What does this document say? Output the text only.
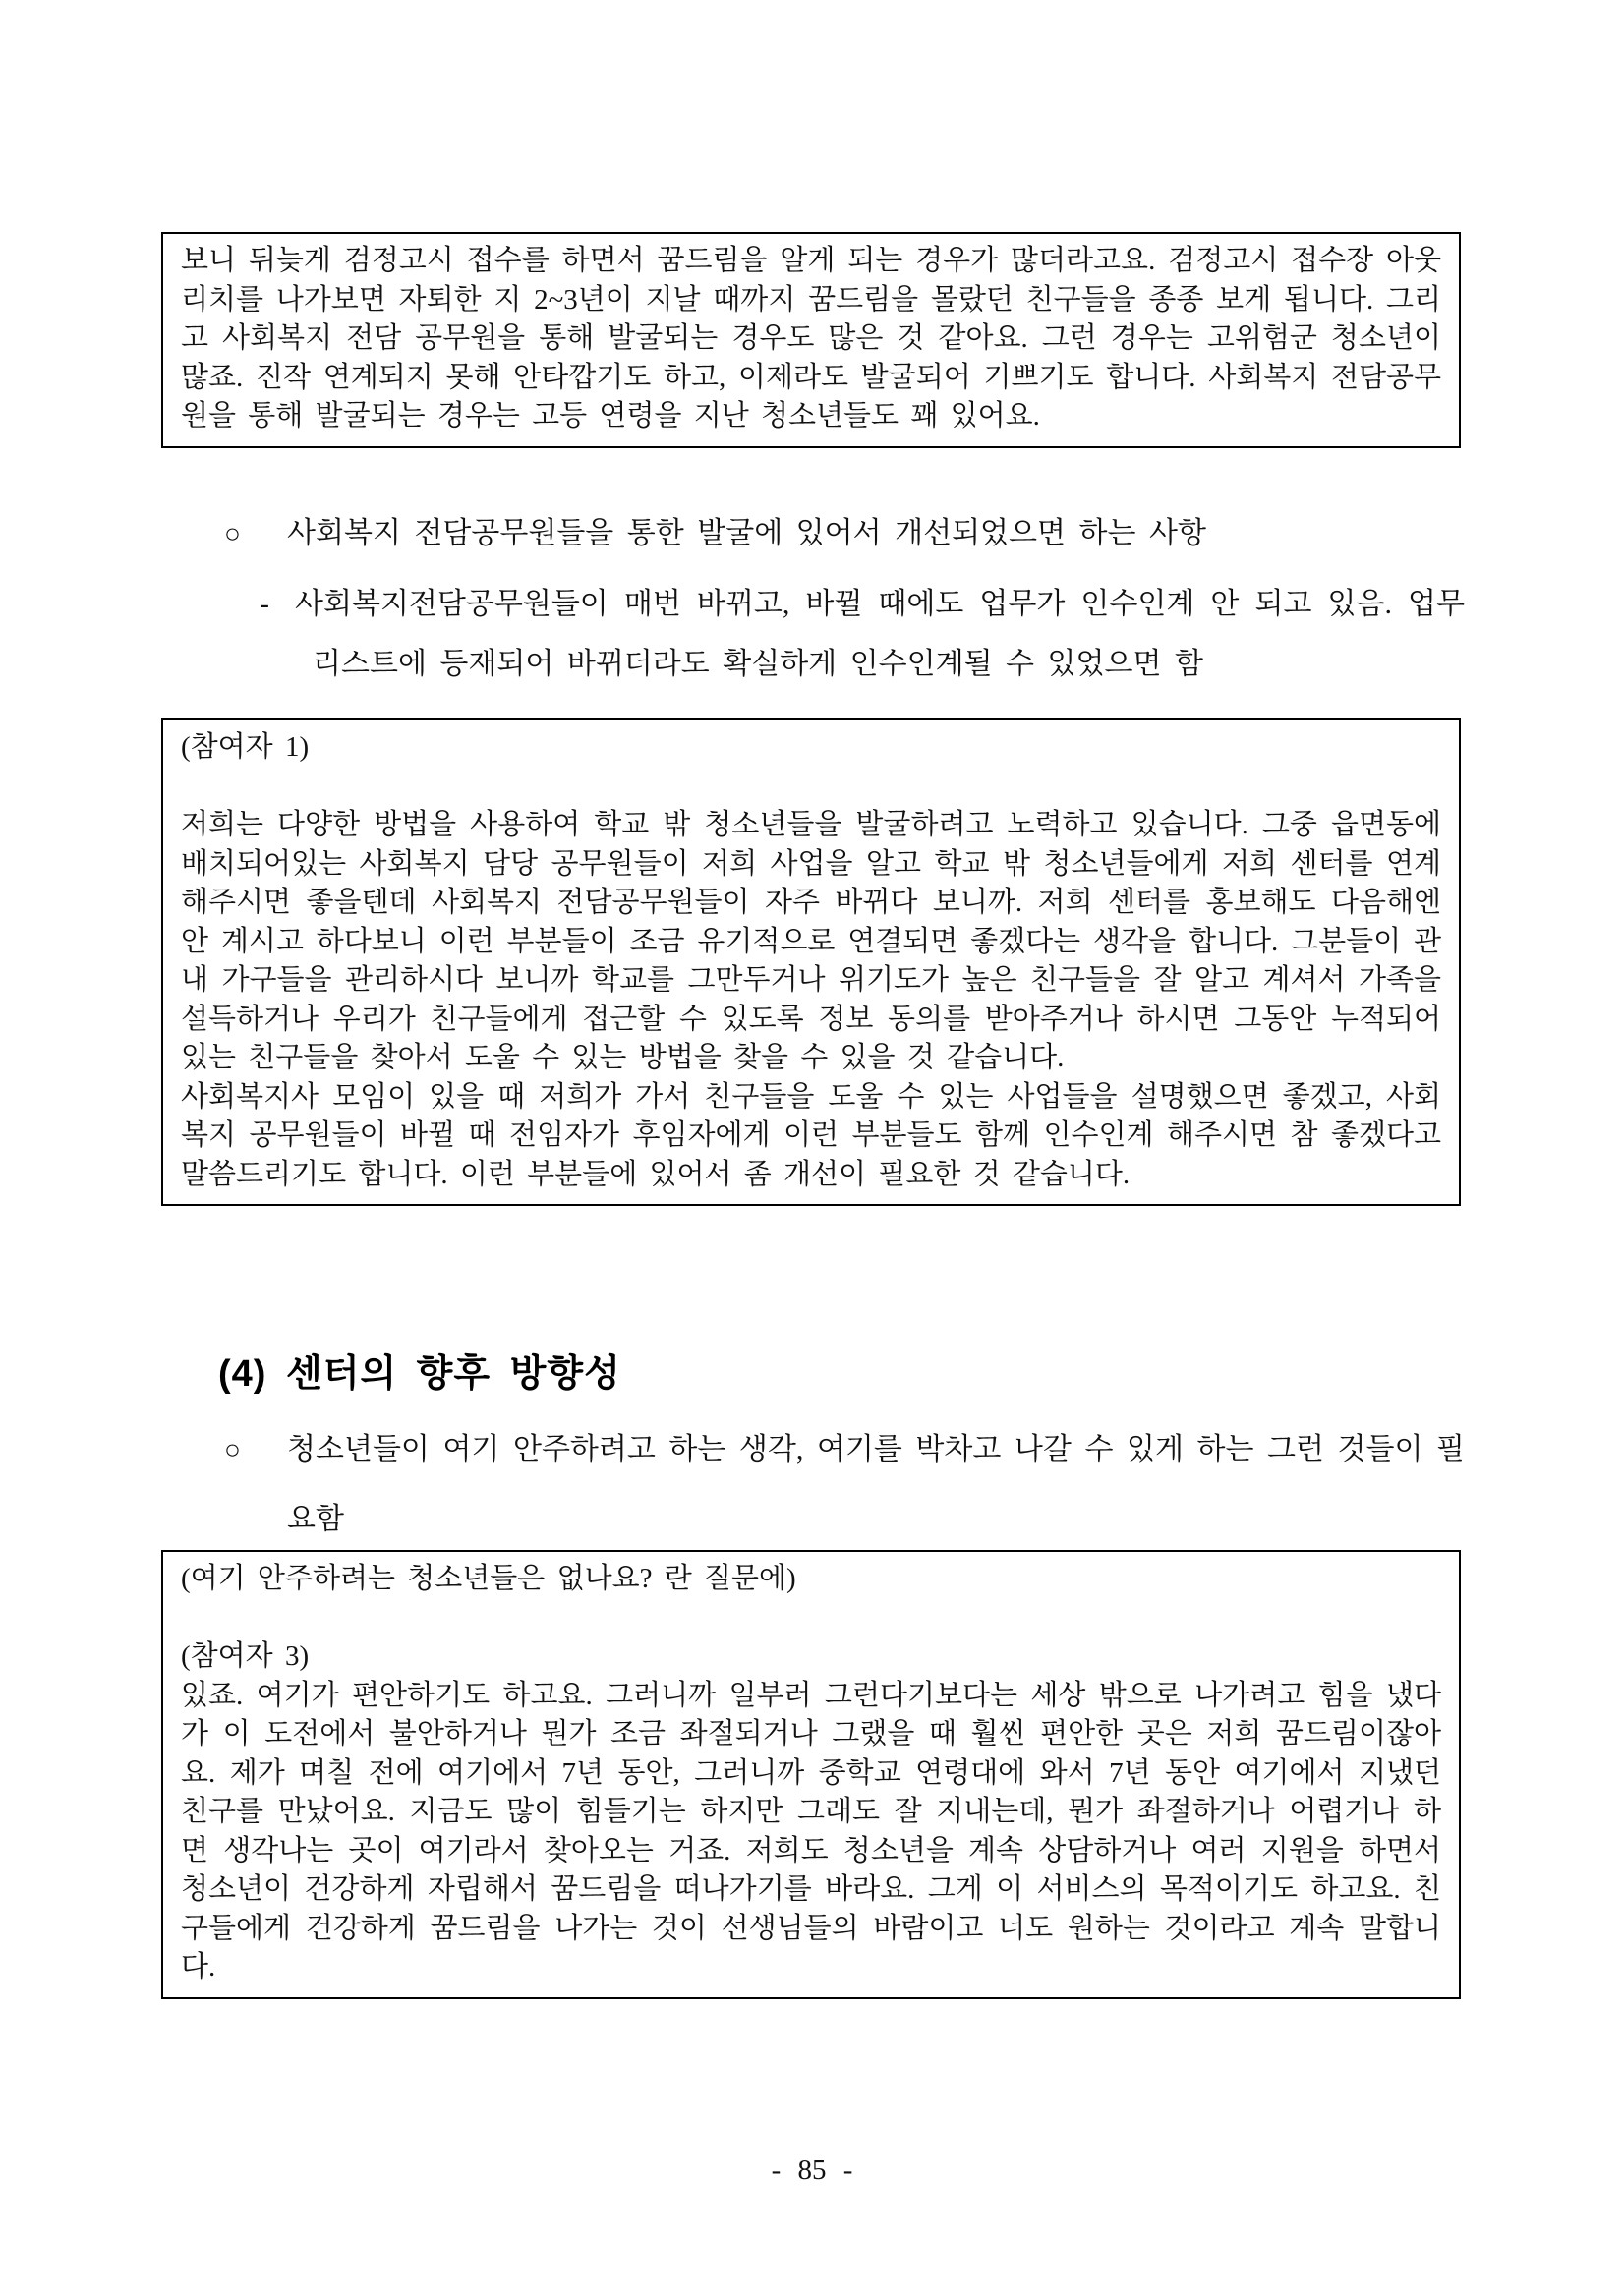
보니 뒤늦게 검정고시 접수를 하면서 꿈드림을 알게 되는 경우가 많더라고요. 검정고시 접수장 아웃리치를 나가보면 자퇴한 지 2~3년이 지날 때까지 꿈드림을 몰랐던 친구들을 종종 보게 됩니다. 그리고 사회복지 전담 공무원을 통해 발굴되는 경우도 많은 것 같아요. 그런 경우는 고위험군 청소년이 많죠. 진작 연계되지 못해 안타깝기도 하고, 이제라도 발굴되어 기쁘기도 합니다. 사회복지 전담공무원을 통해 발굴되는 경우는 고등 연령을 지난 청소년들도 꽤 있어요.

○ 사회복지 전담공무원들을 통한 발굴에 있어서 개선되었으면 하는 사항

- 사회복지전담공무원들이 매번 바뀌고, 바뀔 때에도 업무가 인수인계 안 되고 있음. 업무 리스트에 등재되어 바뀌더라도 확실하게 인수인계될 수 있었으면 함

(참여자 1)

저희는 다양한 방법을 사용하여 학교 밖 청소년들을 발굴하려고 노력하고 있습니다. 그중 읍면동에 배치되어있는 사회복지 담당 공무원들이 저희 사업을 알고 학교 밖 청소년들에게 저희 센터를 연계해주시면 좋을텐데 사회복지 전담공무원들이 자주 바뀌다 보니까. 저희 센터를 홍보해도 다음해엔 안 계시고 하다보니 이런 부분들이 조금 유기적으로 연결되면 좋겠다는 생각을 합니다. 그분들이 관내 가구들을 관리하시다 보니까 학교를 그만두거나 위기도가 높은 친구들을 잘 알고 계셔서 가족을 설득하거나 우리가 친구들에게 접근할 수 있도록 정보 동의를 받아주거나 하시면 그동안 누적되어 있는 친구들을 찾아서 도울 수 있는 방법을 찾을 수 있을 것 같습니다.

사회복지사 모임이 있을 때 저희가 가서 친구들을 도울 수 있는 사업들을 설명했으면 좋겠고, 사회복지 공무원들이 바뀔 때 전임자가 후임자에게 이런 부분들도 함께 인수인계 해주시면 참 좋겠다고 말씀드리기도 합니다. 이런 부분들에 있어서 좀 개선이 필요한 것 같습니다.

(4) 센터의 향후 방향성

○ 청소년들이 여기 안주하려고 하는 생각, 여기를 박차고 나갈 수 있게 하는 그런 것들이 필요함

(여기 안주하려는 청소년들은 없나요? 란 질문에)

(참여자 3)

있죠. 여기가 편안하기도 하고요. 그러니까 일부러 그런다기보다는 세상 밖으로 나가려고 힘을 냈다가 이 도전에서 불안하거나 뭔가 조금 좌절되거나 그랬을 때 훨씬 편안한 곳은 저희 꿈드림이잖아요. 제가 며칠 전에 여기에서 7년 동안, 그러니까 중학교 연령대에 와서 7년 동안 여기에서 지냈던 친구를 만났어요. 지금도 많이 힘들기는 하지만 그래도 잘 지내는데, 뭔가 좌절하거나 어렵거나 하면 생각나는 곳이 여기라서 찾아오는 거죠. 저희도 청소년을 계속 상담하거나 여러 지원을 하면서 청소년이 건강하게 자립해서 꿈드림을 떠나가기를 바라요. 그게 이 서비스의 목적이기도 하고요. 친구들에게 건강하게 꿈드림을 나가는 것이 선생님들의 바람이고 너도 원하는 것이라고 계속 말합니다.

- 85 -
